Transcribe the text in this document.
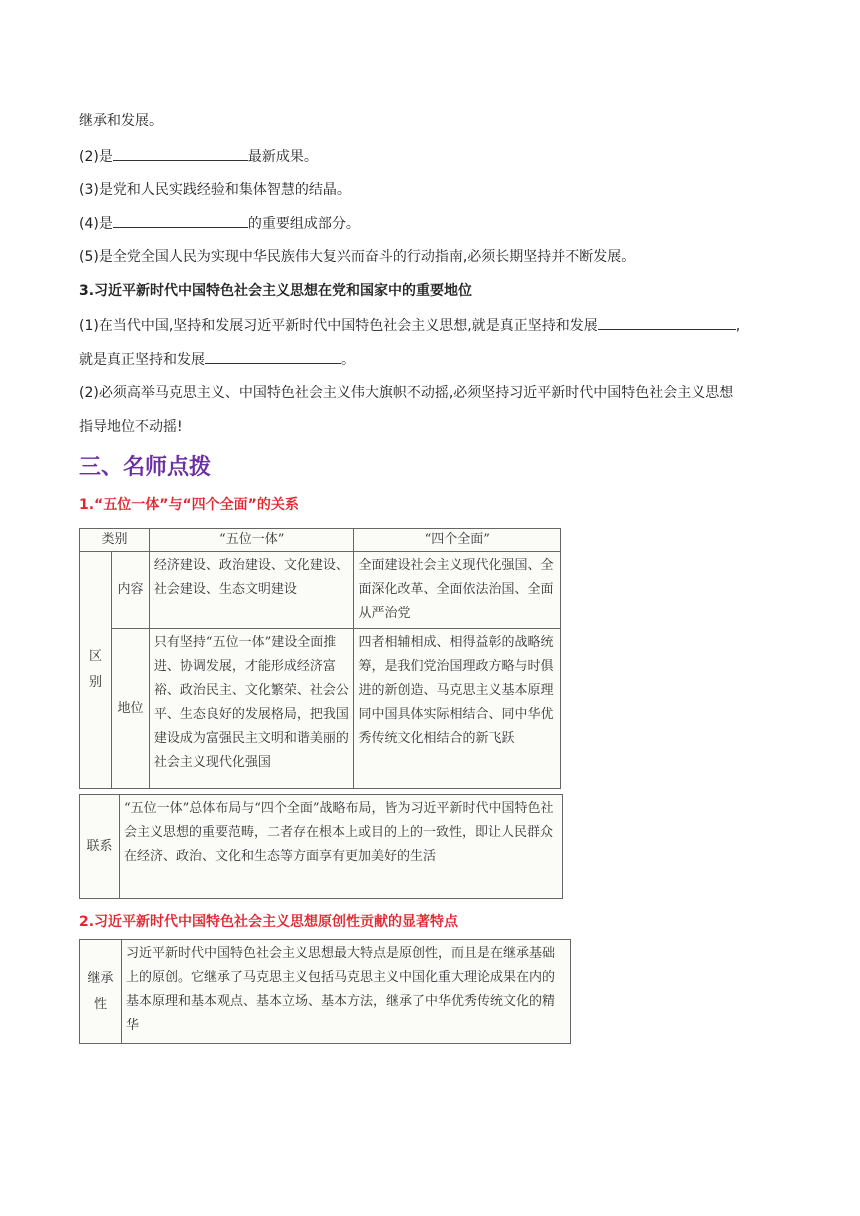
继承和发展。
(2)是	最新成果。
(3)是党和人民实践经验和集体智慧的结晶。
(4)是	的重要组成部分。
(5)是全党全国人民为实现中华民族伟大复兴而奋斗的行动指南,必须长期坚持并不断发展。
3.习近平新时代中国特色社会主义思想在党和国家中的重要地位
(1)在当代中国,坚持和发展习近平新时代中国特色社会主义思想,就是真正坚持和发展	,
就是真正坚持和发展	。
(2)必须高举马克思主义、中国特色社会主义伟大旗帜不动摇,必须坚持习近平新时代中国特色社会主义思想
指导地位不动摇!
三、名师点拨
1.“五位一体”与“四个全面”的关系
类别		“五位一体”	“四个全面”
区
别	内容	经济建设、政治建设、文化建设、社会建设、生态文明建设	全面建设社会主义现代化强国、全面深化改革、全面依法治国、全面从严治党
	地位	只有坚持“五位一体”建设全面推进、协调发展，才能形成经济富裕、政治民主、文化繁荣、社会公平、生态良好的发展格局，把我国建设成为富强民主文明和谐美丽的社会主义现代化强国	四者相辅相成、相得益彰的战略统筹，是我们党治国理政方略与时俱进的新创造、马克思主义基本原理同中国具体实际相结合、同中华优秀传统文化相结合的新飞跃
联系	“五位一体”总体布局与“四个全面”战略布局，皆为习近平新时代中国特色社会主义思想的重要范畴，二者存在根本上或目的上的一致性，即让人民群众在经济、政治、文化和生态等方面享有更加美好的生活
2.习近平新时代中国特色社会主义思想原创性贡献的显著特点
继承
性	习近平新时代中国特色社会主义思想最大特点是原创性，而且是在继承基础上的原创。它继承了马克思主义包括马克思主义中国化重大理论成果在内的基本原理和基本观点、基本立场、基本方法，继承了中华优秀传统文化的精华
